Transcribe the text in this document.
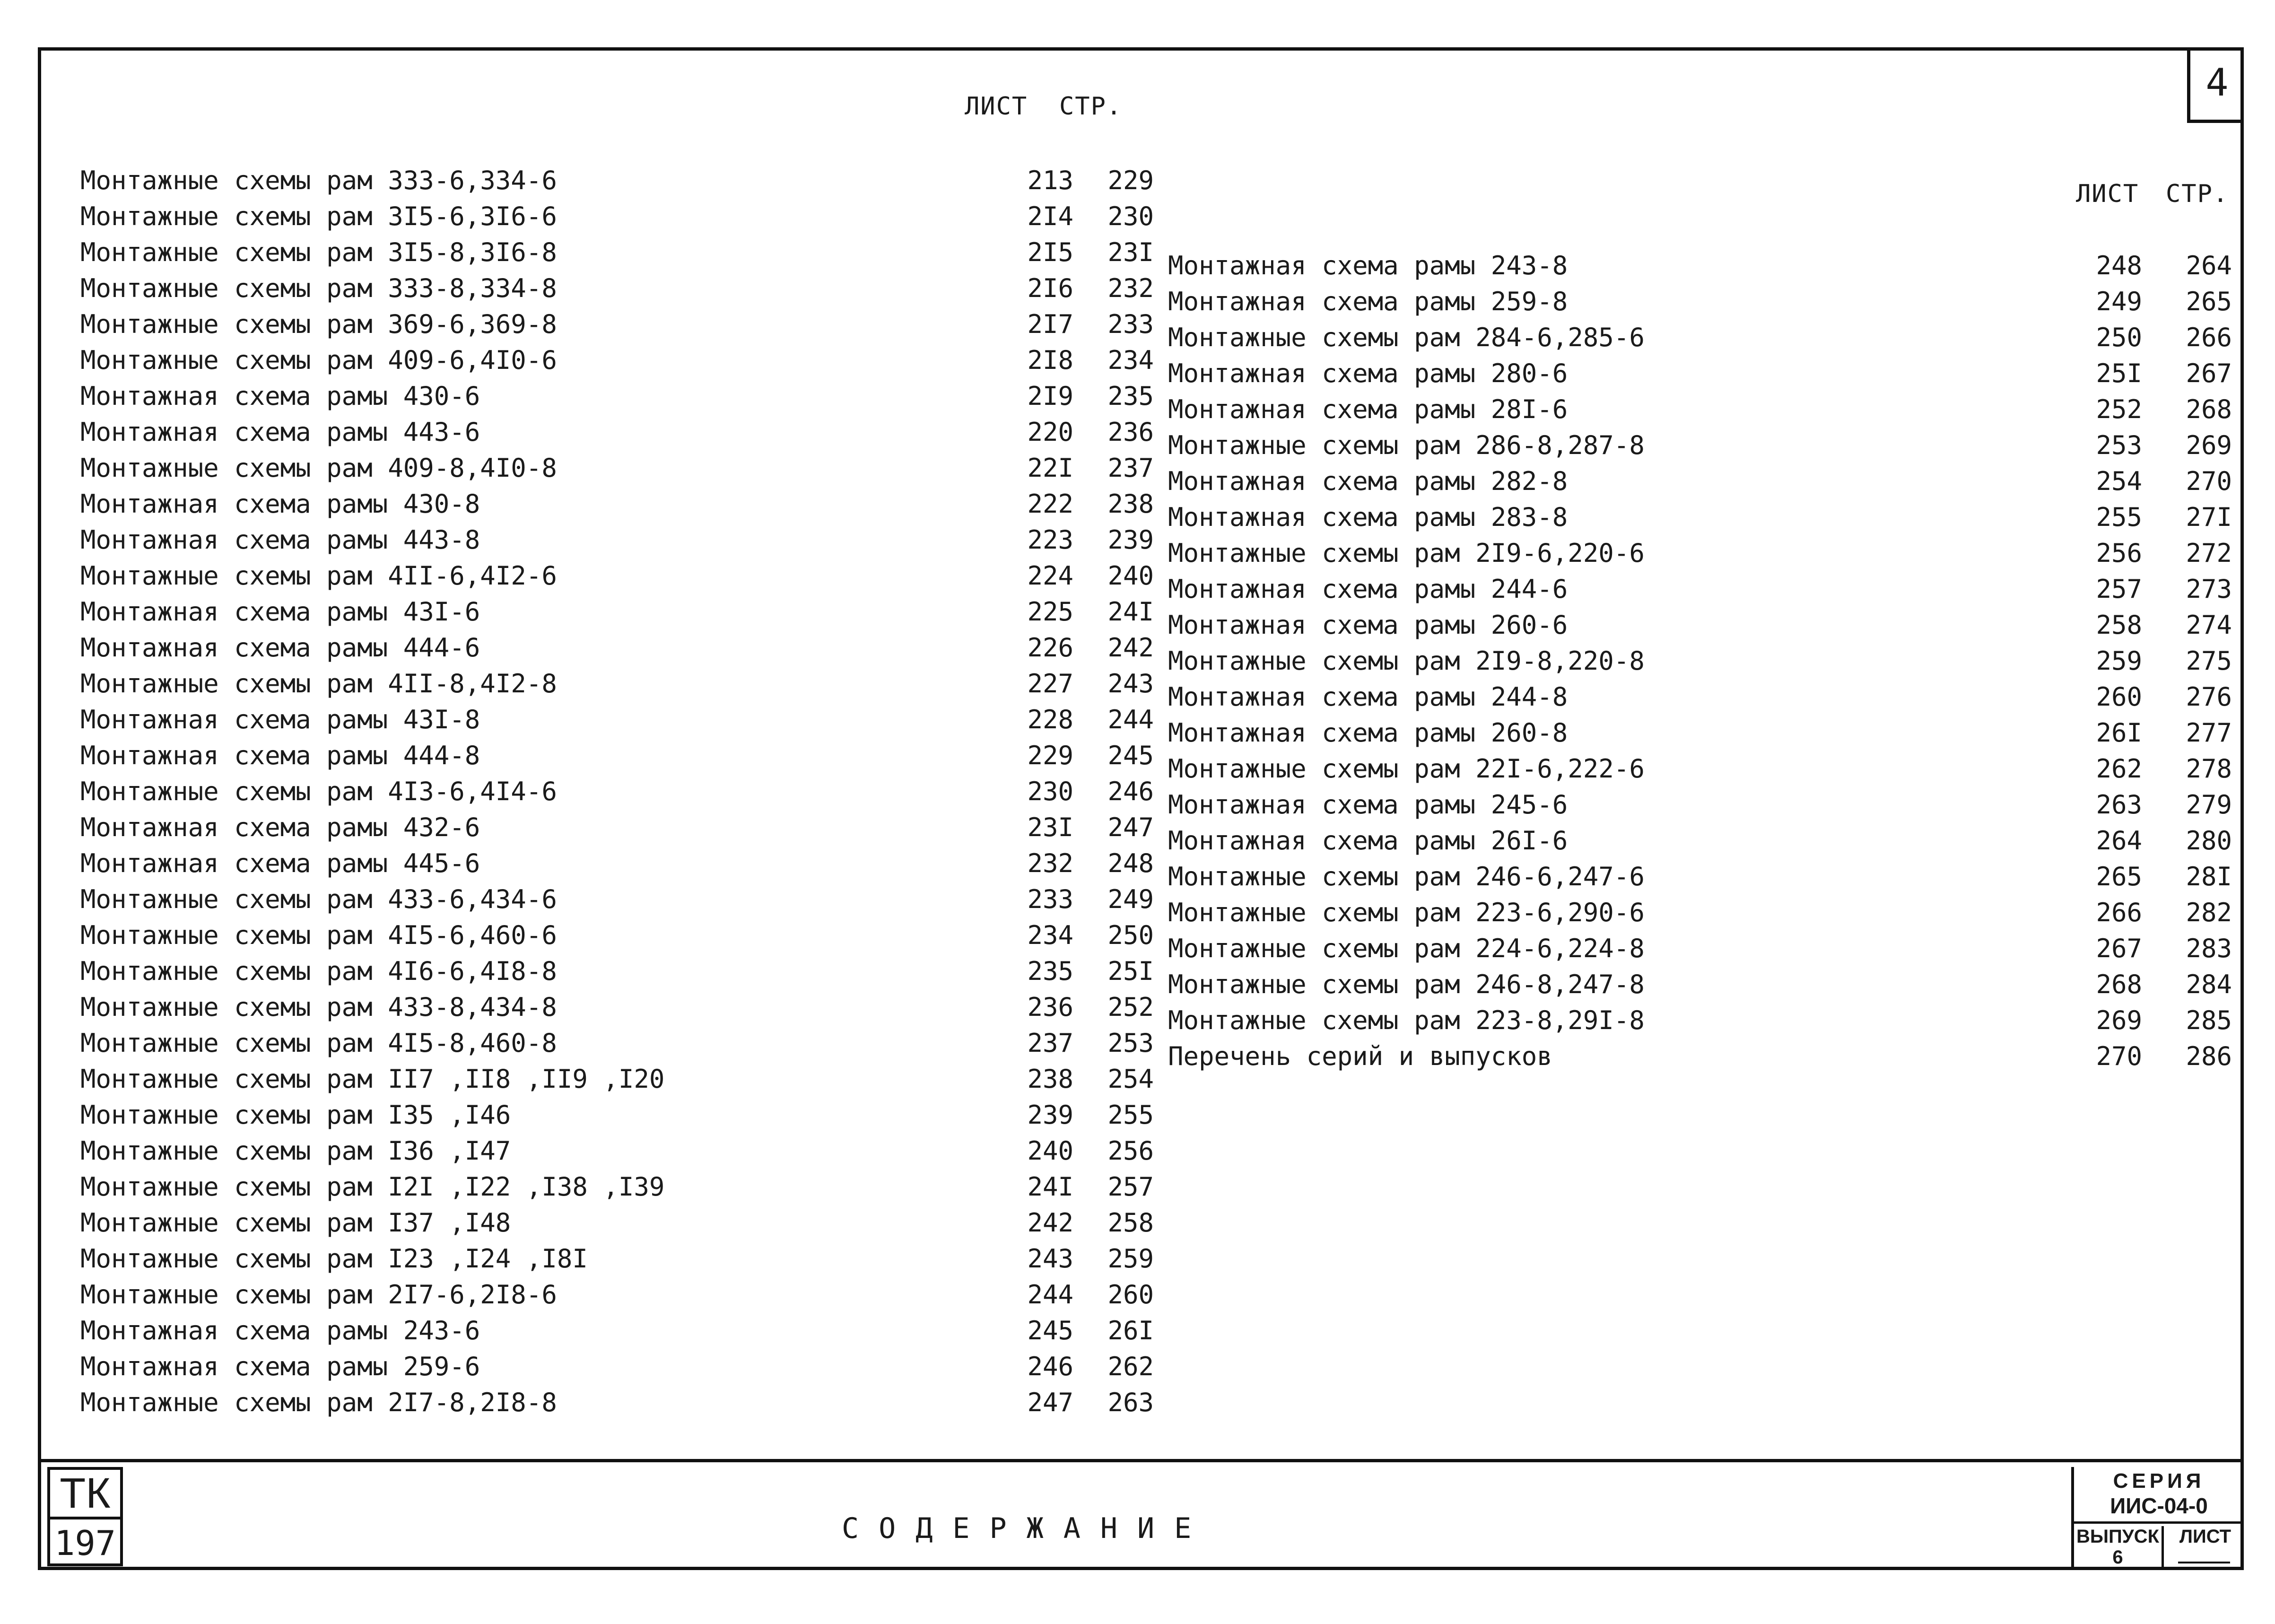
4
ЛИСТ СТР.
ЛИСТ СТР.
Монтажные схемы рам 333-6,334-6	213	229
Монтажные схемы рам 3I5-6,3I6-6	2I4	230
Монтажные схемы рам 3I5-8,3I6-8	2I5	23I
Монтажные схемы рам 333-8,334-8	2I6	232
Монтажные схемы рам 369-6,369-8	2I7	233
Монтажные схемы рам 409-6,4I0-6	2I8	234
Монтажная схема рамы 430-6	2I9	235
Монтажная схема рамы 443-6	220	236
Монтажные схемы рам 409-8,4I0-8	22I	237
Монтажная схема рамы 430-8	222	238
Монтажная схема рамы 443-8	223	239
Монтажные схемы рам 4II-6,4I2-6	224	240
Монтажная схема рамы 43I-6	225	24I
Монтажная схема рамы 444-6	226	242
Монтажные схемы рам 4II-8,4I2-8	227	243
Монтажная схема рамы 43I-8	228	244
Монтажная схема рамы 444-8	229	245
Монтажные схемы рам 4I3-6,4I4-6	230	246
Монтажная схема рамы 432-6	23I	247
Монтажная схема рамы 445-6	232	248
Монтажные схемы рам 433-6,434-6	233	249
Монтажные схемы рам 4I5-6,460-6	234	250
Монтажные схемы рам 4I6-6,4I8-8	235	25I
Монтажные схемы рам 433-8,434-8	236	252
Монтажные схемы рам 4I5-8,460-8	237	253
Монтажные схемы рам II7 ,II8 ,II9 ,I20	238	254
Монтажные схемы рам I35 ,I46	239	255
Монтажные схемы рам I36 ,I47	240	256
Монтажные схемы рам I2I ,I22 ,I38 ,I39	24I	257
Монтажные схемы рам I37 ,I48	242	258
Монтажные схемы рам I23 ,I24 ,I8I	243	259
Монтажные схемы рам 2I7-6,2I8-6	244	260
Монтажная схема рамы 243-6	245	26I
Монтажная схема рамы 259-6	246	262
Монтажные схемы рам 2I7-8,2I8-8	247	263
Монтажная схема рамы 243-8	248	264
Монтажная схема рамы 259-8	249	265
Монтажные схемы рам 284-6,285-6	250	266
Монтажная схема рамы 280-6	25I	267
Монтажная схема рамы 28I-6	252	268
Монтажные схемы рам 286-8,287-8	253	269
Монтажная схема рамы 282-8	254	270
Монтажная схема рамы 283-8	255	27I
Монтажные схемы рам 2I9-6,220-6	256	272
Монтажная схема рамы 244-6	257	273
Монтажная схема рамы 260-6	258	274
Монтажные схемы рам 2I9-8,220-8	259	275
Монтажная схема рамы 244-8	260	276
Монтажная схема рамы 260-8	26I	277
Монтажные схемы рам 22I-6,222-6	262	278
Монтажная схема рамы 245-6	263	279
Монтажная схема рамы 26I-6	264	280
Монтажные схемы рам 246-6,247-6	265	28I
Монтажные схемы рам 223-6,290-6	266	282
Монтажные схемы рам 224-6,224-8	267	283
Монтажные схемы рам 246-8,247-8	268	284
Монтажные схемы рам 223-8,29I-8	269	285
Перечень серий и выпусков	270	286
ТК
197	СОДЕРЖАНИЕ
СЕРИЯ
ИИС-04-0
ВЫПУСК
6
ЛИСТ
